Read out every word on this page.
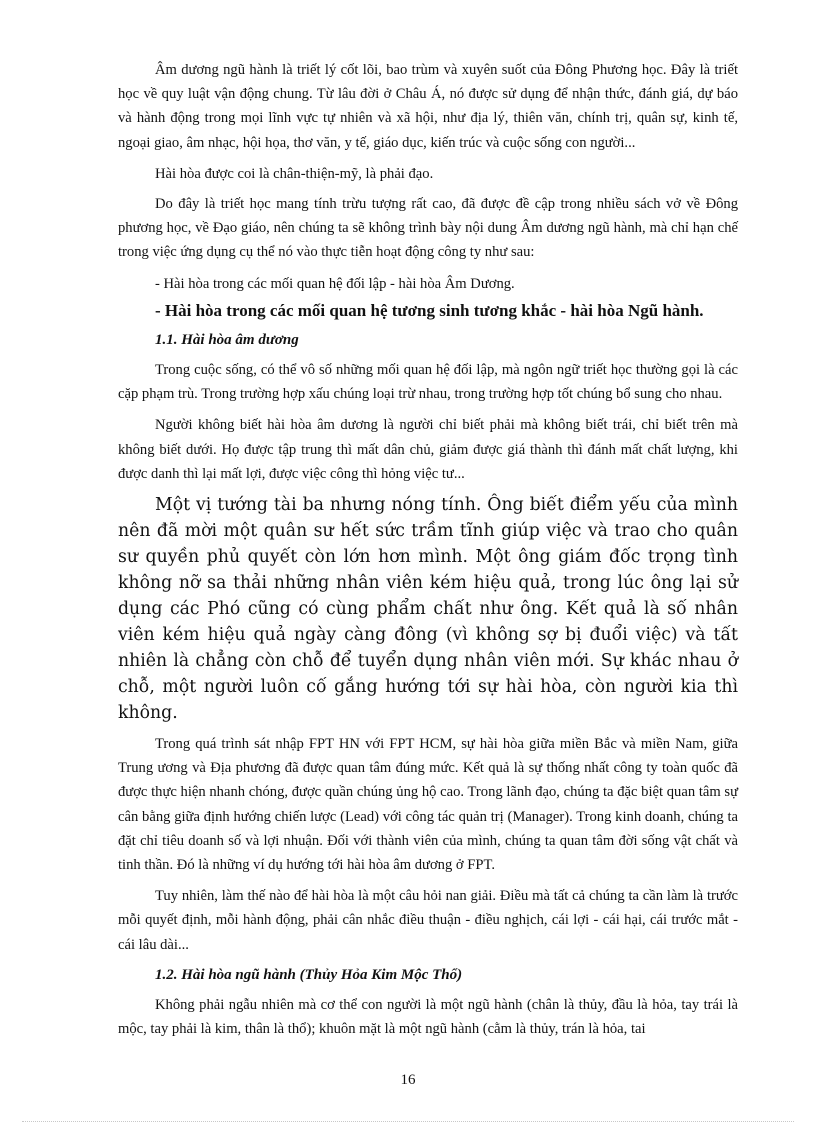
Âm dương ngũ hành là triết lý cốt lõi, bao trùm và xuyên suốt của Đông Phương học. Đây là triết học về quy luật vận động chung. Từ lâu đời ở Châu Á, nó được sử dụng để nhận thức, đánh giá, dự báo và hành động trong mọi lĩnh vực tự nhiên và xã hội, như địa lý, thiên văn, chính trị, quân sự, kinh tế, ngoại giao, âm nhạc, hội họa, thơ văn, y tế, giáo dục, kiến trúc và cuộc sống con người...

Hài hòa được coi là chân-thiện-mỹ, là phải đạo.

Do đây là triết học mang tính trừu tượng rất cao, đã được đề cập trong nhiều sách vở về Đông phương học, về Đạo giáo, nên chúng ta sẽ không trình bày nội dung Âm dương ngũ hành, mà chỉ hạn chế trong việc ứng dụng cụ thể nó vào thực tiễn hoạt động công ty như sau:

- Hài hòa trong các mối quan hệ đối lập - hài hòa Âm Dương.

- Hài hòa trong các mối quan hệ tương sinh tương khắc - hài hòa Ngũ hành.

1.1. Hài hòa âm dương

Trong cuộc sống, có thể vô số những mối quan hệ đối lập, mà ngôn ngữ triết học thường gọi là các cặp phạm trù. Trong trường hợp xấu chúng loại trừ nhau, trong trường hợp tốt chúng bổ sung cho nhau.

Người không biết hài hòa âm dương là người chỉ biết phải mà không biết trái, chỉ biết trên mà không biết dưới. Họ được tập trung thì mất dân chủ, giảm được giá thành thì đánh mất chất lượng, khi được danh thì lại mất lợi, được việc công thì hỏng việc tư...

Một vị tướng tài ba nhưng nóng tính. Ông biết điểm yếu của mình nên đã mời một quân sư hết sức trầm tĩnh giúp việc và trao cho quân sư quyền phủ quyết còn lớn hơn mình. Một ông giám đốc trọng tình không nỡ sa thải những nhân viên kém hiệu quả, trong lúc ông lại sử dụng các Phó cũng có cùng phẩm chất như ông. Kết quả là số nhân viên kém hiệu quả ngày càng đông (vì không sợ bị đuổi việc) và tất nhiên là chẳng còn chỗ để tuyển dụng nhân viên mới. Sự khác nhau ở chỗ, một người luôn cố gắng hướng tới sự hài hòa, còn người kia thì không.

Trong quá trình sát nhập FPT HN với FPT HCM, sự hài hòa giữa miền Bắc và miền Nam, giữa Trung ương và Địa phương đã được quan tâm đúng mức. Kết quả là sự thống nhất công ty toàn quốc đã được thực hiện nhanh chóng, được quần chúng ủng hộ cao. Trong lãnh đạo, chúng ta đặc biệt quan tâm sự cân bằng giữa định hướng chiến lược (Lead) với công tác quản trị (Manager). Trong kinh doanh, chúng ta đặt chỉ tiêu doanh số và lợi nhuận. Đối với thành viên của mình, chúng ta quan tâm đời sống vật chất và tinh thần. Đó là những ví dụ hướng tới hài hòa âm dương ở FPT.

Tuy nhiên, làm thế nào để hài hòa là một câu hỏi nan giải. Điều mà tất cả chúng ta cần làm là trước mỗi quyết định, mỗi hành động, phải cân nhắc điều thuận - điều nghịch, cái lợi - cái hại, cái trước mắt - cái lâu dài...

1.2. Hài hòa ngũ hành (Thủy Hỏa Kim Mộc Thổ)

Không phải ngẫu nhiên mà cơ thể con người là một ngũ hành (chân là thủy, đầu là hỏa, tay trái là mộc, tay phải là kim, thân là thổ); khuôn mặt là một ngũ hành (cằm là thủy, trán là hỏa, tai

16
